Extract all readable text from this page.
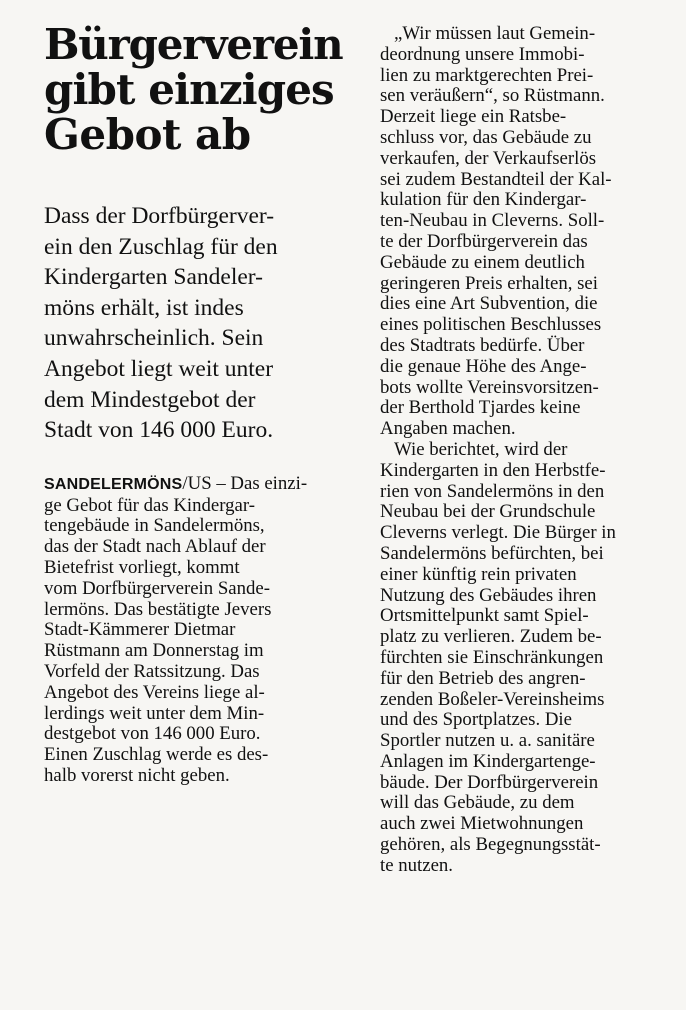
Bürgerverein
gibt einziges
Gebot ab
Dass der Dorfbürgerver-
ein den Zuschlag für den
Kindergarten Sandeler-
möns erhält, ist indes
unwahrscheinlich. Sein
Angebot liegt weit unter
dem Mindestgebot der
Stadt von 146 000 Euro.
SANDELERMÖNS/US – Das einzi-
ge Gebot für das Kindergar-
tengebäude in Sandelermöns,
das der Stadt nach Ablauf der
Bietefrist vorliegt, kommt
vom Dorfbürgerverein Sande-
lermöns. Das bestätigte Jevers
Stadt-Kämmerer Dietmar
Rüstmann am Donnerstag im
Vorfeld der Ratssitzung. Das
Angebot des Vereins liege al-
lerdings weit unter dem Min-
destgebot von 146 000 Euro.
Einen Zuschlag werde es des-
halb vorerst nicht geben.
„Wir müssen laut Gemein-
deordnung unsere Immobi-
lien zu marktgerechten Prei-
sen veräußern“, so Rüstmann.
Derzeit liege ein Ratsbe-
schluss vor, das Gebäude zu
verkaufen, der Verkaufserlös
sei zudem Bestandteil der Kal-
kulation für den Kindergar-
ten-Neubau in Cleverns. Soll-
te der Dorfbürgerverein das
Gebäude zu einem deutlich
geringeren Preis erhalten, sei
dies eine Art Subvention, die
eines politischen Beschlusses
des Stadtrats bedürfe. Über
die genaue Höhe des Ange-
bots wollte Vereinsvorsitzen-
der Berthold Tjardes keine
Angaben machen.
Wie berichtet, wird der
Kindergarten in den Herbstfe-
rien von Sandelermöns in den
Neubau bei der Grundschule
Cleverns verlegt. Die Bürger in
Sandelermöns befürchten, bei
einer künftig rein privaten
Nutzung des Gebäudes ihren
Ortsmittelpunkt samt Spiel-
platz zu verlieren. Zudem be-
fürchten sie Einschränkungen
für den Betrieb des angren-
zenden Boßeler-Vereinsheims
und des Sportplatzes. Die
Sportler nutzen u. a. sanitäre
Anlagen im Kindergartenge-
bäude. Der Dorfbürgerverein
will das Gebäude, zu dem
auch zwei Mietwohnungen
gehören, als Begegnungsstät-
te nutzen.
